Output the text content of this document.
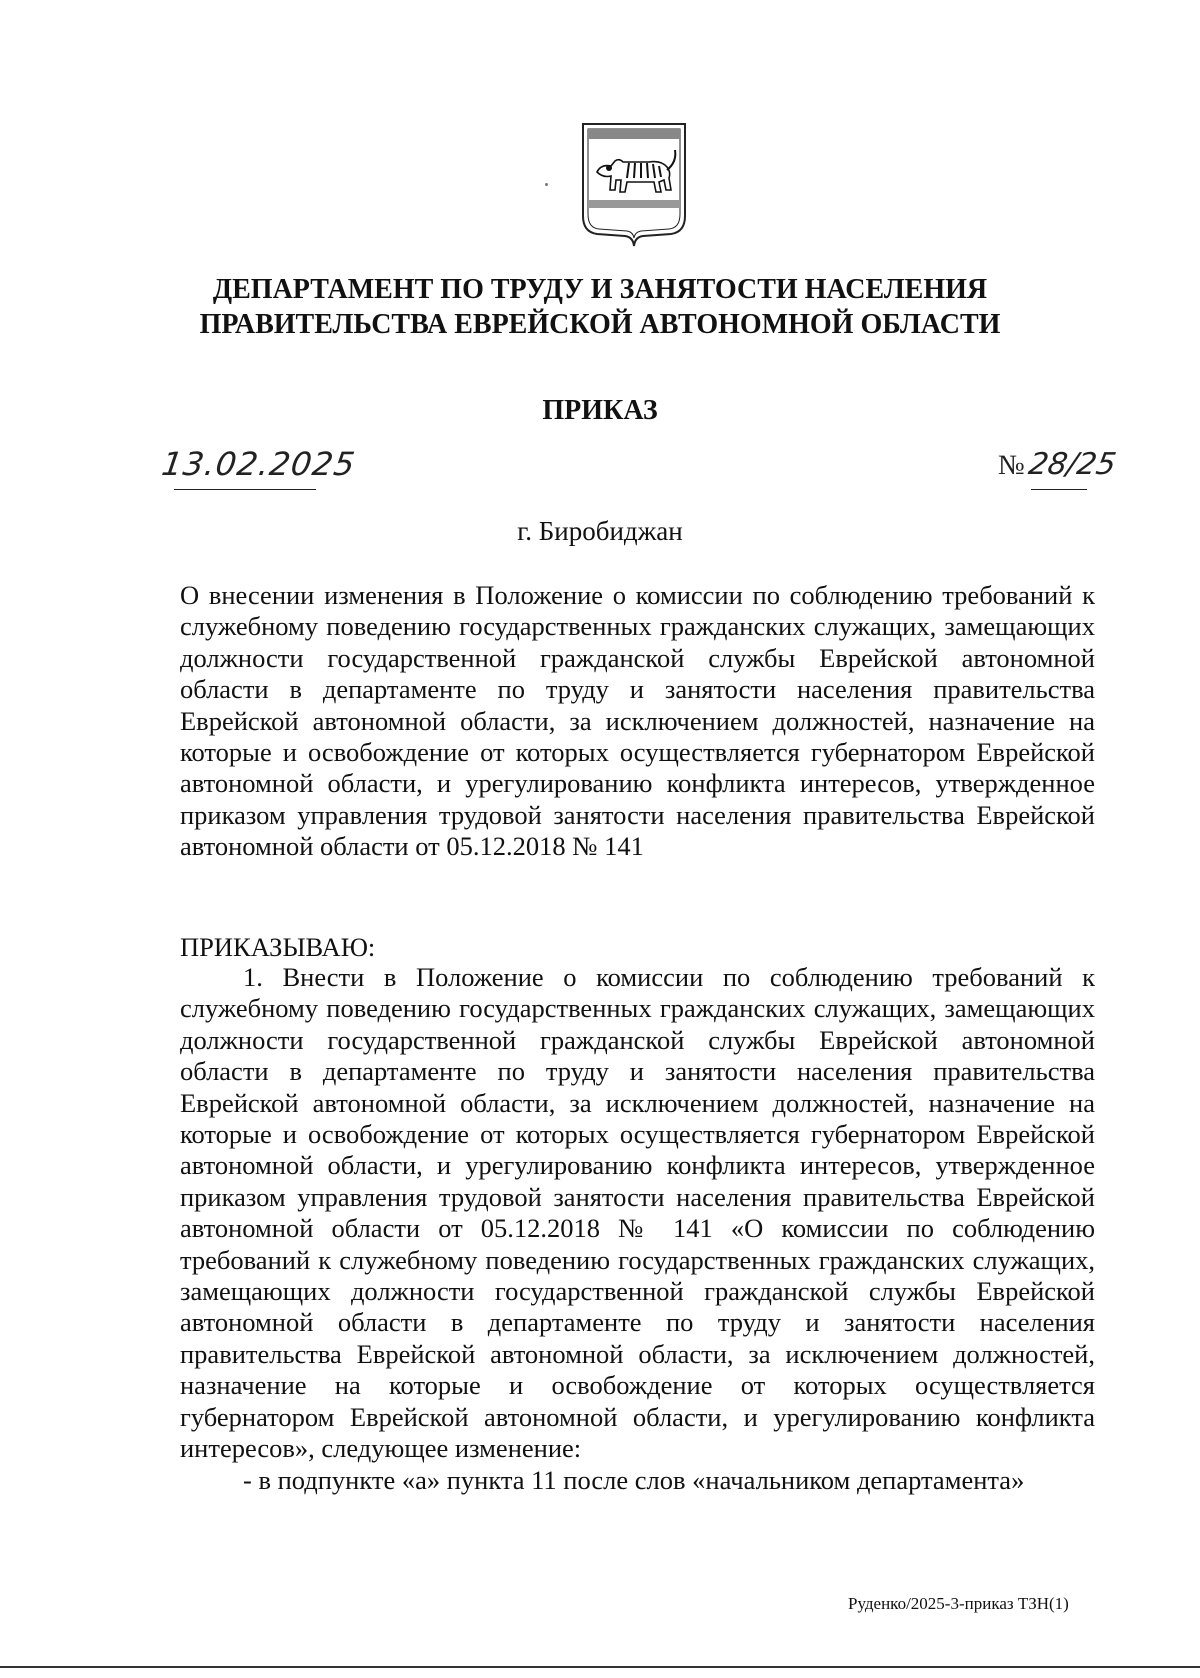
ДЕПАРТАМЕНТ ПО ТРУДУ И ЗАНЯТОСТИ НАСЕЛЕНИЯ
ПРАВИТЕЛЬСТВА ЕВРЕЙСКОЙ АВТОНОМНОЙ ОБЛАСТИ
ПРИКАЗ
13.02.2025	№28/25
г. Биробиджан

О внесении изменения в Положение о комиссии по соблюдению требований к служебному поведению государственных гражданских служащих, замещающих должности государственной гражданской службы Еврейской автономной области в департаменте по труду и занятости населения правительства Еврейской автономной области, за исключением должностей, назначение на которые и освобождение от которых осуществляется губернатором Еврейской автономной области, и урегулированию конфликта интересов, утвержденное приказом управления трудовой занятости населения правительства Еврейской автономной области от 05.12.2018 № 141

ПРИКАЗЫВАЮ:

1. Внести в Положение о комиссии по соблюдению требований к служебному поведению государственных гражданских служащих, замещающих должности государственной гражданской службы Еврейской автономной области в департаменте по труду и занятости населения правительства Еврейской автономной области, за исключением должностей, назначение на которые и освобождение от которых осуществляется губернатором Еврейской автономной области, и урегулированию конфликта интересов, утвержденное приказом управления трудовой занятости населения правительства Еврейской автономной области от 05.12.2018 № 141 «О комиссии по соблюдению требований к служебному поведению государственных гражданских служащих, замещающих должности государственной гражданской службы Еврейской автономной области в департаменте по труду и занятости населения правительства Еврейской автономной области, за исключением должностей, назначение на которые и освобождение от которых осуществляется губернатором Еврейской автономной области, и урегулированию конфликта интересов», следующее изменение:

- в подпункте «а» пункта 11 после слов «начальником департамента»

Руденко/2025-3-приказ ТЗН(1)
